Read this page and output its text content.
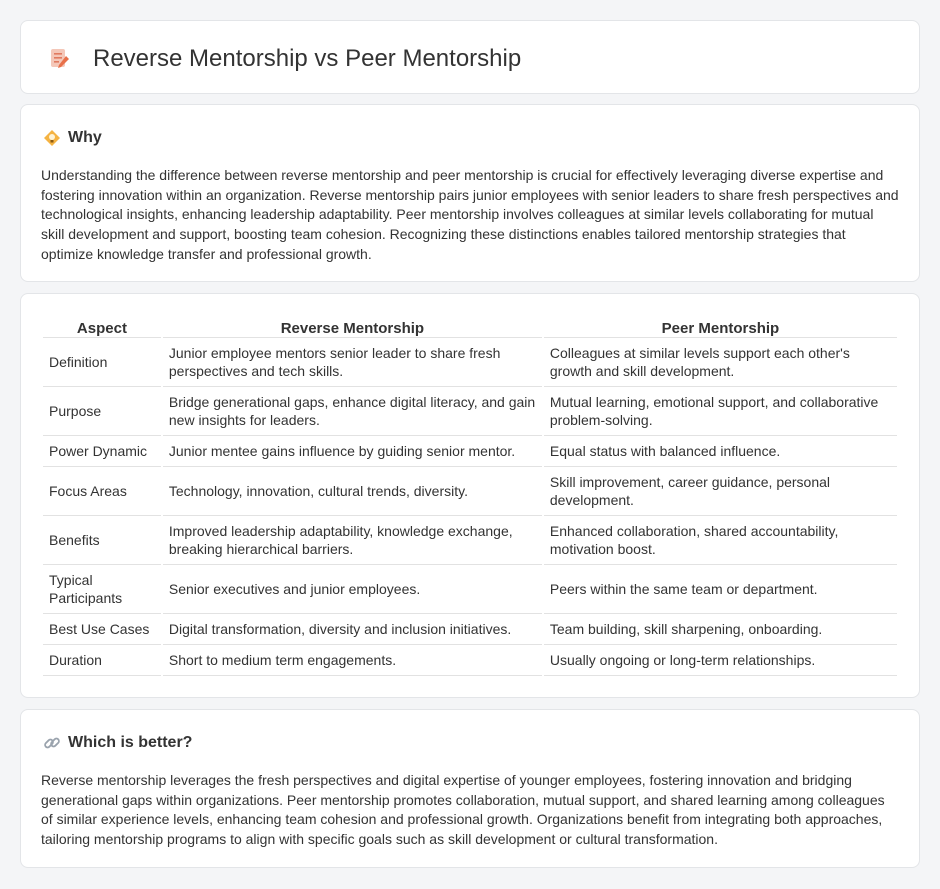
Reverse Mentorship vs Peer Mentorship
Why

Understanding the difference between reverse mentorship and peer mentorship is crucial for effectively leveraging diverse expertise and fostering innovation within an organization. Reverse mentorship pairs junior employees with senior leaders to share fresh perspectives and technological insights, enhancing leadership adaptability. Peer mentorship involves colleagues at similar levels collaborating for mutual skill development and support, boosting team cohesion. Recognizing these distinctions enables tailored mentorship strategies that optimize knowledge transfer and professional growth.

Aspect	Reverse Mentorship	Peer Mentorship
Definition	Junior employee mentors senior leader to share fresh perspectives and tech skills.	Colleagues at similar levels support each other's growth and skill development.
Purpose	Bridge generational gaps, enhance digital literacy, and gain new insights for leaders.	Mutual learning, emotional support, and collaborative problem-solving.
Power Dynamic	Junior mentee gains influence by guiding senior mentor.	Equal status with balanced influence.
Focus Areas	Technology, innovation, cultural trends, diversity.	Skill improvement, career guidance, personal development.
Benefits	Improved leadership adaptability, knowledge exchange, breaking hierarchical barriers.	Enhanced collaboration, shared accountability, motivation boost.
Typical Participants	Senior executives and junior employees.	Peers within the same team or department.
Best Use Cases	Digital transformation, diversity and inclusion initiatives.	Team building, skill sharpening, onboarding.
Duration	Short to medium term engagements.	Usually ongoing or long-term relationships.
Which is better?

Reverse mentorship leverages the fresh perspectives and digital expertise of younger employees, fostering innovation and bridging generational gaps within organizations. Peer mentorship promotes collaboration, mutual support, and shared learning among colleagues of similar experience levels, enhancing team cohesion and professional growth. Organizations benefit from integrating both approaches, tailoring mentorship programs to align with specific goals such as skill development or cultural transformation.
